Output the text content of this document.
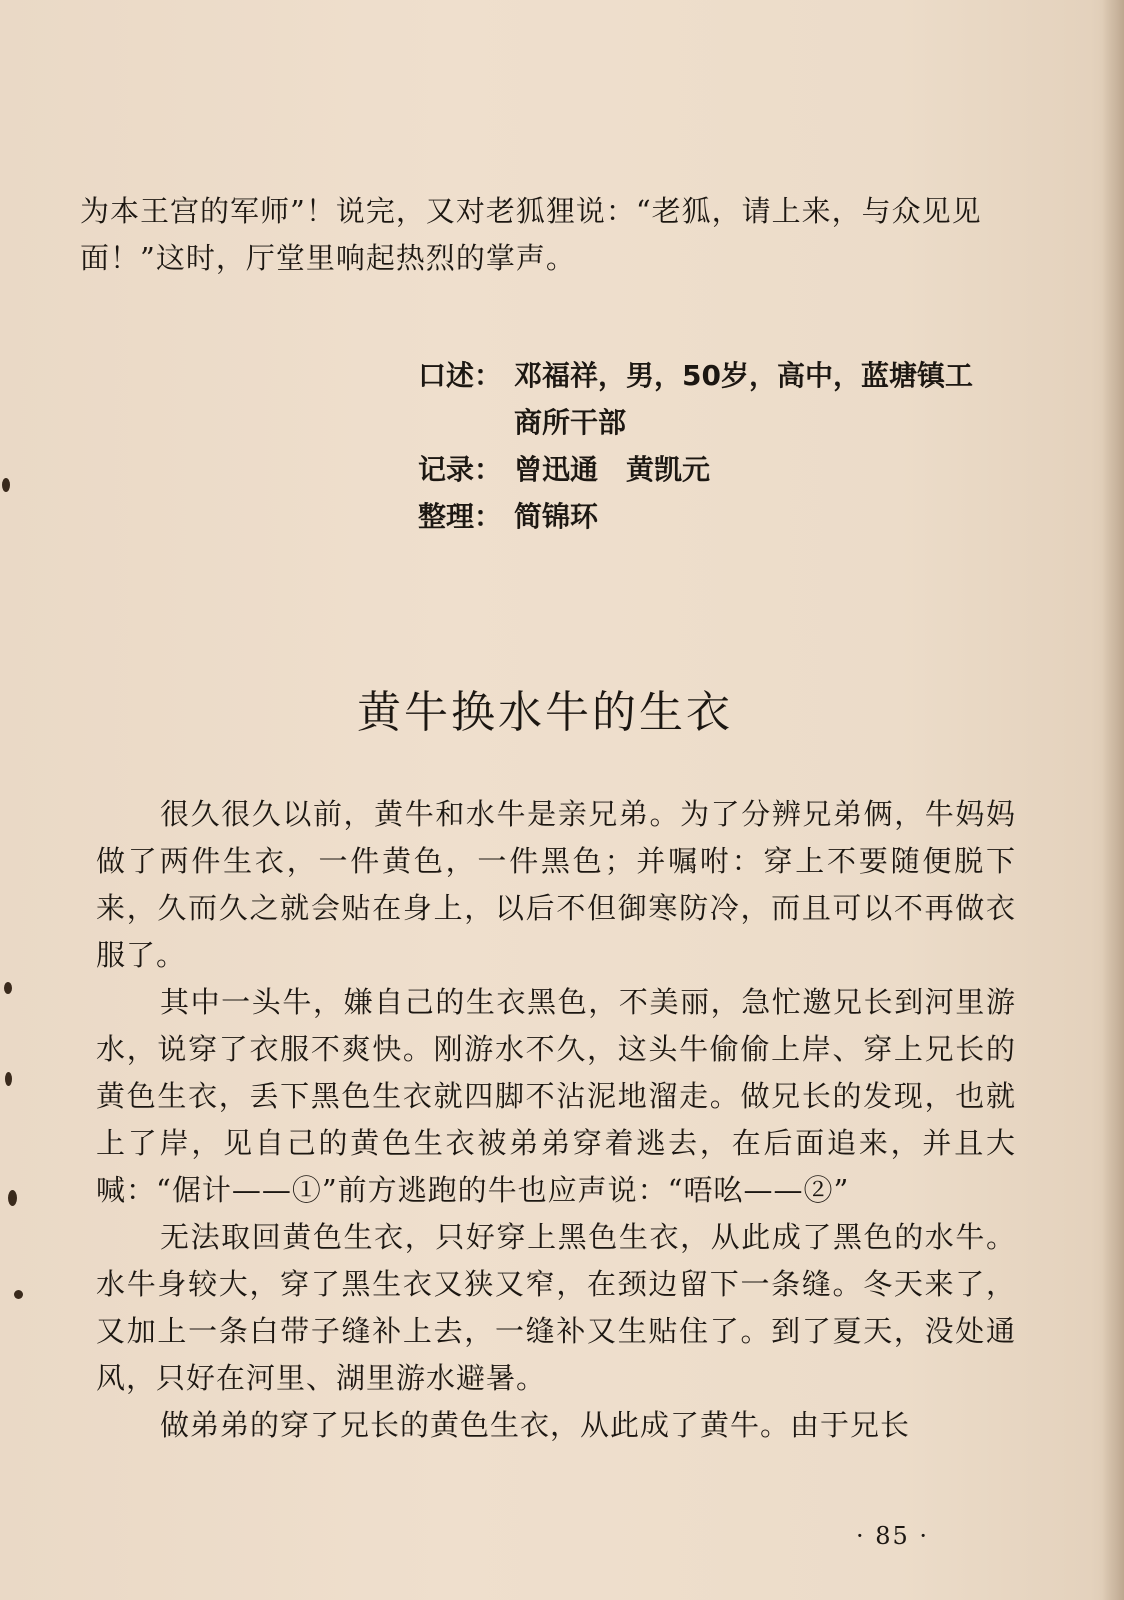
为本王宫的军师”！说完，又对老狐狸说：“老狐，请上来，与众见见面！”这时，厅堂里响起热烈的掌声。

口述： 邓福祥，男，50岁，高中，蓝塘镇工商所干部
记录： 曾迅通　黄凯元
整理： 简锦环
黄牛换水牛的生衣

很久很久以前，黄牛和水牛是亲兄弟。为了分辨兄弟俩，牛妈妈做了两件生衣，一件黄色，一件黑色；并嘱咐：穿上不要随便脱下来，久而久之就会贴在身上，以后不但御寒防冷，而且可以不再做衣服了。

其中一头牛，嫌自己的生衣黑色，不美丽，急忙邀兄长到河里游水，说穿了衣服不爽快。刚游水不久，这头牛偷偷上岸、穿上兄长的黄色生衣，丢下黑色生衣就四脚不沾泥地溜走。做兄长的发现，也就上了岸，见自己的黄色生衣被弟弟穿着逃去，在后面追来，并且大喊：“倨计——①”前方逃跑的牛也应声说：“唔吆——②”

无法取回黄色生衣，只好穿上黑色生衣，从此成了黑色的水牛。水牛身较大，穿了黑生衣又狭又窄，在颈边留下一条缝。冬天来了，又加上一条白带子缝补上去，一缝补又生贴住了。到了夏天，没处通风，只好在河里、湖里游水避暑。

做弟弟的穿了兄长的黄色生衣，从此成了黄牛。由于兄长

· 85 ·
